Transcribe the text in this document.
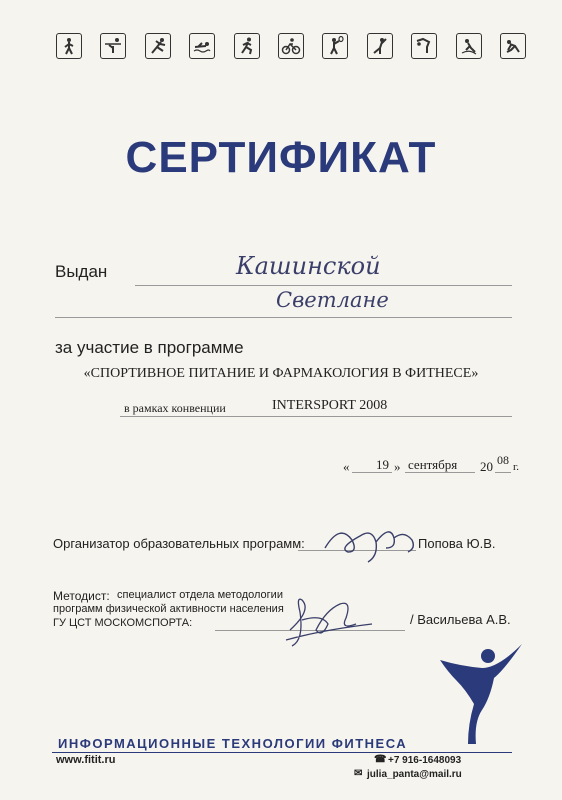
СЕРТИФИКАТ
Выдан	Кашинской
Светлане
за участие в программе
«СПОРТИВНОЕ ПИТАНИЕ И ФАРМАКОЛОГИЯ В ФИТНЕСЕ»
в рамках конвенции	INTERSPORT 2008
« 19 » сентября 20 08 г.
Организатор образовательных программ:	Попова Ю.В.
Методист: специалист отдела методологии
программ физической активности населения
ГУ ЦСТ МОСКОМСПОРТА:	/ Васильева А.В.
ИНФОРМАЦИОННЫЕ ТЕХНОЛОГИИ ФИТНЕСА
www.fitit.ru	☎ +7 916-1648093
✉ julia_panta@mail.ru
